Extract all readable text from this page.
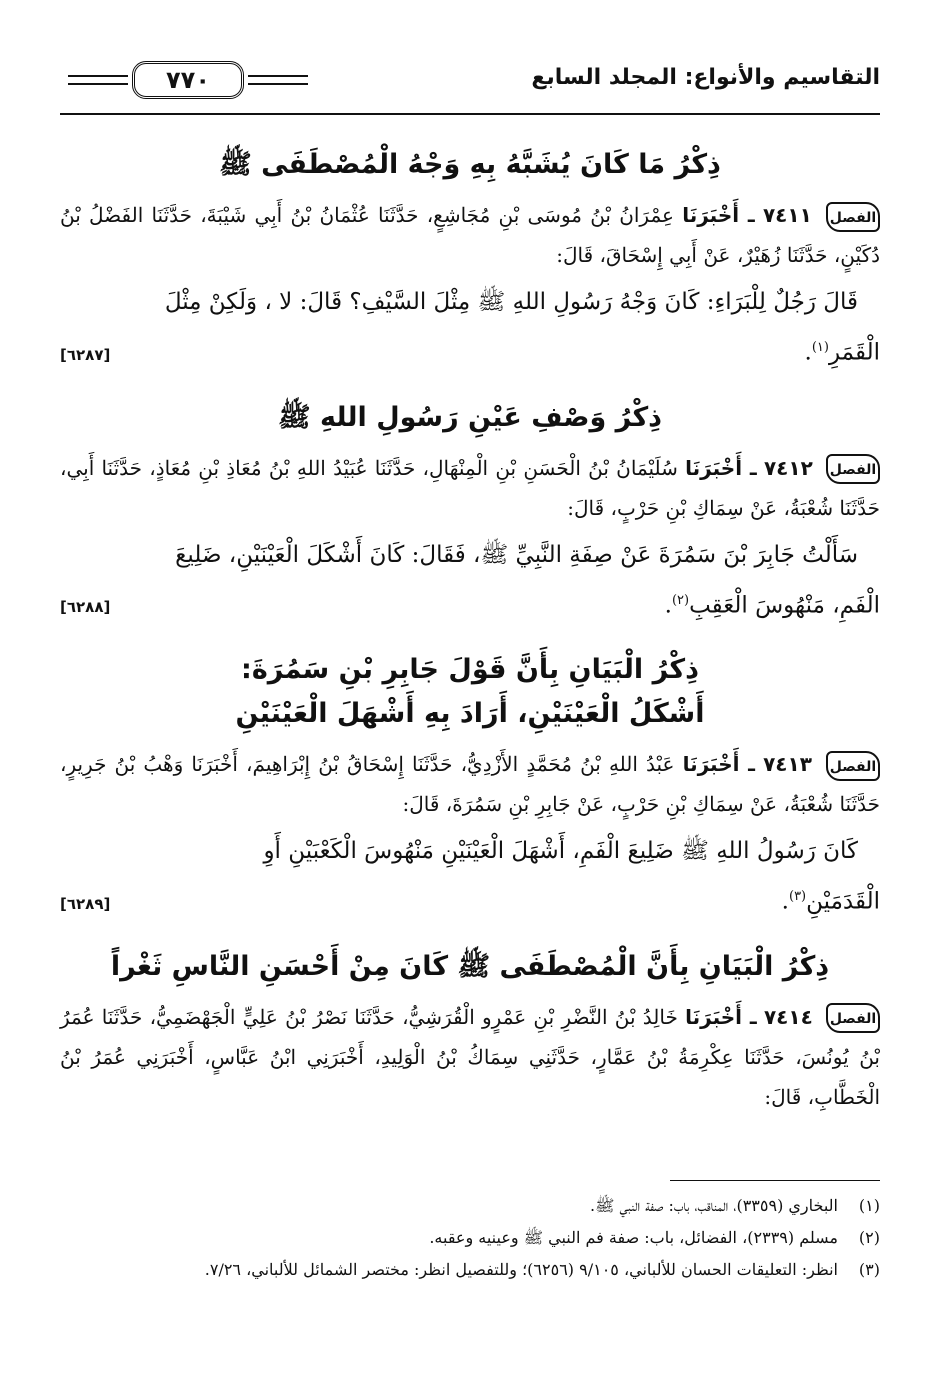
التقاسيم والأنواع: المجلد السابع
٧٧٠
ذِكْرُ مَا كَانَ يُشَبَّهُ بِهِ وَجْهُ الْمُصْطَفَى ﷺ

الفصل ٧٤١١ ـ أَخْبَرَنَا عِمْرَانُ بْنُ مُوسَى بْنِ مُجَاشِعٍ، حَدَّثَنَا عُثْمَانُ بْنُ أَبِي شَيْبَةَ، حَدَّثَنَا الفَضْلُ بْنُ دُكَيْنٍ، حَدَّثَنَا زُهَيْرٌ، عَنْ أَبِي إِسْحَاقَ، قَالَ:

قَالَ رَجُلٌ لِلْبَرَاءِ: كَانَ وَجْهُ رَسُولِ اللهِ ﷺ مِثْلَ السَّيْفِ؟ قَالَ: لا ، وَلَكِنْ مِثْلَ

الْقَمَرِ$^{(١)}$.
[٦٢٨٧]
ذِكْرُ وَصْفِ عَيْنِ رَسُولِ اللهِ ﷺ

الفصل ٧٤١٢ ـ أَخْبَرَنَا سُلَيْمَانُ بْنُ الْحَسَنِ بْنِ الْمِنْهَالِ، حَدَّثَنَا عُبَيْدُ اللهِ بْنُ مُعَاذِ بْنِ مُعَاذٍ، حَدَّثَنَا أَبِي، حَدَّثَنَا شُعْبَةُ، عَنْ سِمَاكِ بْنِ حَرْبٍ، قَالَ:

سَأَلْتُ جَابِرَ بْنَ سَمُرَةَ عَنْ صِفَةِ النَّبِيِّ ﷺ، فَقَالَ: كَانَ أَشْكَلَ الْعَيْنَيْنِ، ضَلِيعَ

الْفَمِ، مَنْهُوسَ الْعَقِبِ$^{(٢)}$.
[٦٢٨٨]
ذِكْرُ الْبَيَانِ بِأَنَّ قَوْلَ جَابِرِ بْنِ سَمُرَةَ:
أَشْكَلُ الْعَيْنَيْنِ، أَرَادَ بِهِ أَشْهَلَ الْعَيْنَيْنِ

الفصل ٧٤١٣ ـ أَخْبَرَنَا عَبْدُ اللهِ بْنُ مُحَمَّدٍ الأَزْدِيُّ، حَدَّثَنَا إِسْحَاقُ بْنُ إِبْرَاهِيمَ، أَخْبَرَنَا وَهْبُ بْنُ جَرِيرٍ، حَدَّثَنَا شُعْبَةُ، عَنْ سِمَاكِ بْنِ حَرْبٍ، عَنْ جَابِرِ بْنِ سَمُرَةَ، قَالَ:

كَانَ رَسُولُ اللهِ ﷺ ضَلِيعَ الْفَمِ، أَشْهَلَ الْعَيْنَيْنِ مَنْهُوسَ الْكَعْبَيْنِ أَوِ

الْقَدَمَيْنِ$^{(٣)}$.
[٦٢٨٩]
ذِكْرُ الْبَيَانِ بِأَنَّ الْمُصْطَفَى ﷺ كَانَ مِنْ أَحْسَنِ النَّاسِ ثَغْراً

الفصل ٧٤١٤ ـ أَخْبَرَنَا خَالِدُ بْنُ النَّضْرِ بْنِ عَمْرٍو الْقُرَشِيُّ، حَدَّثَنَا نَصْرُ بْنُ عَلِيٍّ الْجَهْضَمِيُّ، حَدَّثَنَا عُمَرُ بْنُ يُونُسَ، حَدَّثَنَا عِكْرِمَةُ بْنُ عَمَّارٍ، حَدَّثَنِي سِمَاكُ بْنُ الْوَلِيدِ، أَخْبَرَنِي ابْنُ عَبَّاسٍ، أَخْبَرَنِي عُمَرُ بْنُ الْخَطَّابِ، قَالَ:

(١)
البخاري (٣٣٥٩)، المناقب، باب: صفة النبي ﷺ.
(٢)
مسلم (٢٣٣٩)، الفضائل، باب: صفة فم النبي ﷺ وعينيه وعقبه.
(٣)
انظر: التعليقات الحسان للألباني، ٩/١٠٥ (٦٢٥٦)؛ وللتفصيل انظر: مختصر الشمائل للألباني، ٧/٢٦.
